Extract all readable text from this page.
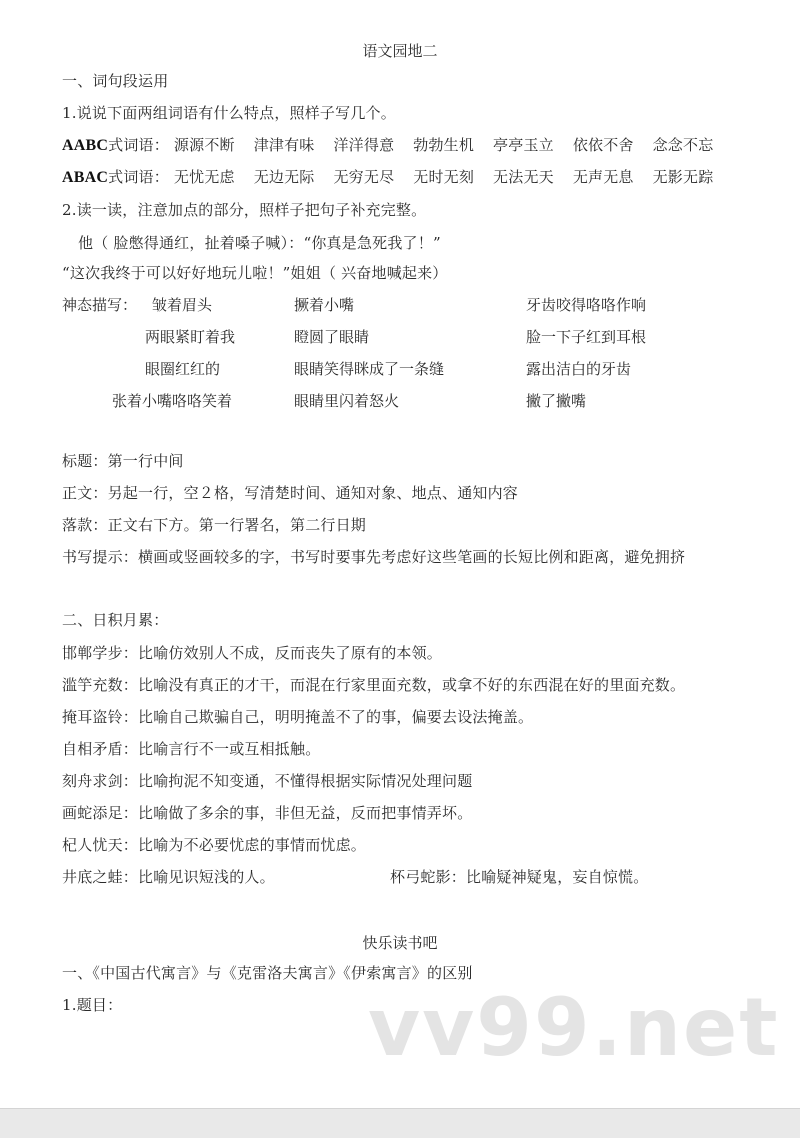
语文园地二
一、词句段运用
1.说说下面两组词语有什么特点，照样子写几个。
AABC式词语： 源源不断 津津有味 洋洋得意 勃勃生机 亭亭玉立 依依不舍 念念不忘
ABAC式词语： 无忧无虑 无边无际 无穷无尽 无时无刻 无法无天 无声无息 无影无踪
2.读一读，注意加点的部分，照样子把句子补充完整。
他（ 脸憋得通红，扯着嗓子喊）：“你真是急死我了！”
“这次我终于可以好好地玩儿啦！”姐姐（ 兴奋地喊起来）
神态描写： 皱着眉头	撅着小嘴	牙齿咬得咯咯作响
两眼紧盯着我	瞪圆了眼睛	脸一下子红到耳根
眼圈红红的	眼睛笑得眯成了一条缝	露出洁白的牙齿
张着小嘴咯咯笑着	眼睛里闪着怒火	撇了撇嘴
标题：第一行中间
正文：另起一行，空２格，写清楚时间、通知对象、地点、通知内容
落款：正文右下方。第一行署名，第二行日期
书写提示：横画或竖画较多的字，书写时要事先考虑好这些笔画的长短比例和距离，避免拥挤
二、日积月累：
邯郸学步：比喻仿效别人不成，反而丧失了原有的本领。
滥竽充数：比喻没有真正的才干，而混在行家里面充数，或拿不好的东西混在好的里面充数。
掩耳盗铃：比喻自己欺骗自己，明明掩盖不了的事，偏要去设法掩盖。
自相矛盾：比喻言行不一或互相抵触。
刻舟求剑：比喻拘泥不知变通，不懂得根据实际情况处理问题
画蛇添足：比喻做了多余的事，非但无益，反而把事情弄坏。
杞人忧天：比喻为不必要忧虑的事情而忧虑。
井底之蛙：比喻见识短浅的人。	杯弓蛇影：比喻疑神疑鬼，妄自惊慌。
快乐读书吧
一、《中国古代寓言》与《克雷洛夫寓言》《伊索寓言》的区别
1.题目：	vv99.net
